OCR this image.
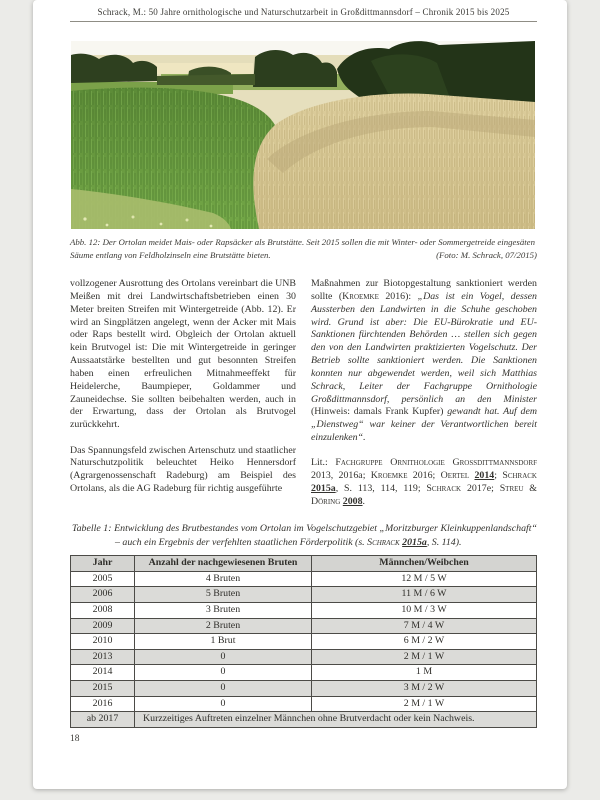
Schrack, M.: 50 Jahre ornithologische und Naturschutzarbeit in Großdittmannsdorf – Chronik 2015 bis 2025
Abb. 12: Der Ortolan meidet Mais- oder Rapsäcker als Brutstätte. Seit 2015 sollen die mit Winter- oder Sommergetreide eingesäten Säume entlang von Feldholzinseln eine Brutstätte bieten.	(Foto: M. Schrack, 07/2015)

vollzogener Ausrottung des Ortolans vereinbart die UNB Meißen mit drei Landwirtschaftsbetrieben einen 30 Meter breiten Streifen mit Wintergetreide (Abb. 12). Er wird an Singplätzen angelegt, wenn der Acker mit Mais oder Raps bestellt wird. Obgleich der Ortolan aktuell kein Brutvogel ist: Die mit Wintergetreide in geringer Aussaatstärke bestellten und gut besonnten Streifen haben einen erfreulichen Mitnahmeeffekt für Heidelerche, Baumpieper, Goldammer und Zauneidechse. Sie sollten beibehalten werden, auch in der Erwartung, dass der Ortolan als Brutvogel zurückkehrt.

Das Spannungsfeld zwischen Artenschutz und staatlicher Naturschutzpolitik beleuchtet Heiko Hennersdorf (Agrargenossenschaft Radeburg) am Beispiel des Ortolans, als die AG Radeburg für richtig ausgeführte

Maßnahmen zur Biotopgestaltung sanktioniert werden sollte (Kroemke 2016): „Das ist ein Vogel, dessen Aussterben den Landwirten in die Schuhe geschoben wird. Grund ist aber: Die EU-Bürokratie und EU-Sanktionen fürchtenden Behörden … stellen sich gegen den von den Landwirten praktizierten Vogelschutz. Der Betrieb sollte sanktioniert werden. Die Sanktionen konnten nur abgewendet werden, weil sich Matthias Schrack, Leiter der Fachgruppe Ornithologie Großdittmannsdorf, persönlich an den Minister (Hinweis: damals Frank Kupfer) gewandt hat. Auf dem „Dienstweg“ war keiner der Verantwortlichen bereit einzulenken“.

Lit.: Fachgruppe Ornithologie Grossdittmannsdorf 2013, 2016a; Kroemke 2016; Oertel 2014; Schrack 2015a, S. 113, 114, 119; Schrack 2017e; Streu & Döring 2008.

Tabelle 1: Entwicklung des Brutbestandes vom Ortolan im Vogelschutzgebiet „Moritzburger Kleinkuppenlandschaft“ – auch ein Ergebnis der verfehlten staatlichen Förderpolitik (s. Schrack 2015a, S. 114).
Jahr	Anzahl der nachgewiesenen Bruten	Männchen/Weibchen
2005	4 Bruten	12 M / 5 W
2006	5 Bruten	11 M / 6 W
2008	3 Bruten	10 M / 3 W
2009	2 Bruten	7 M / 4 W
2010	1 Brut	6 M / 2 W
2013	0	2 M / 1 W
2014	0	1 M
2015	0	3 M / 2 W
2016	0	2 M / 1 W
ab 2017	Kurzzeitiges Auftreten einzelner Männchen ohne Brutverdacht oder kein Nachweis.	
18
